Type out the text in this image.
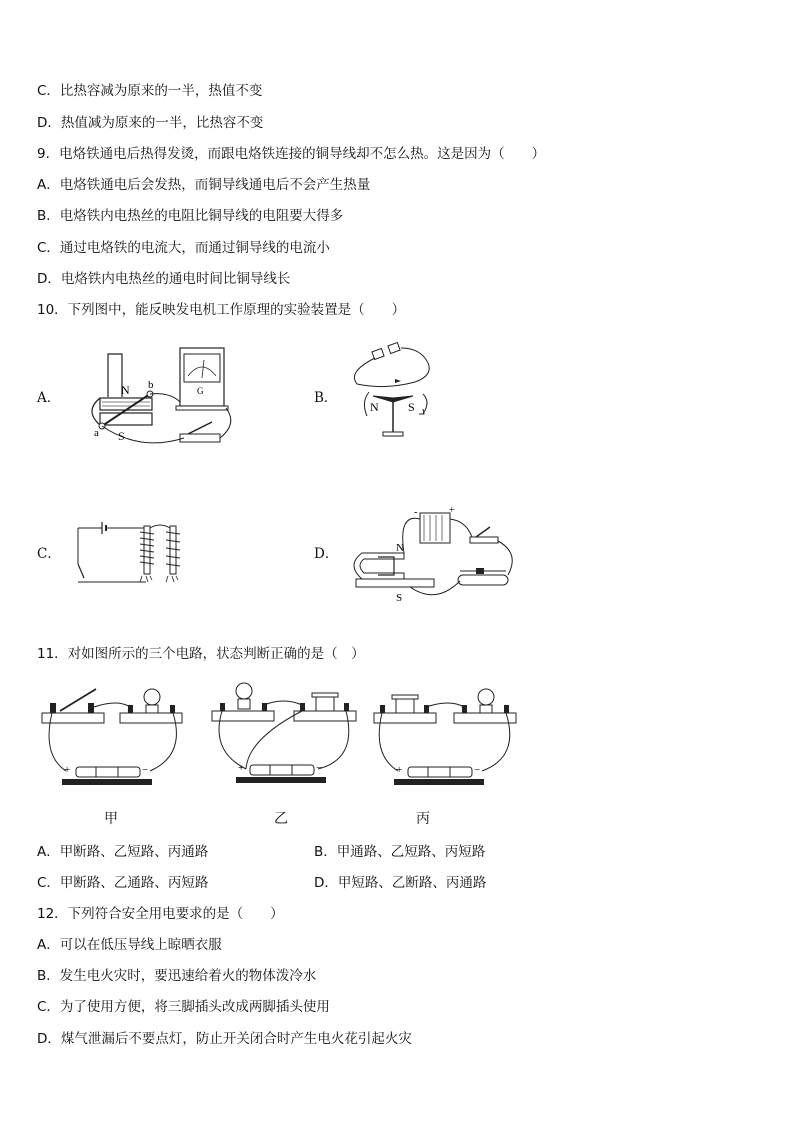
C．比热容减为原来的一半，热值不变
D．热值减为原来的一半，比热容不变
9．电烙铁通电后热得发烫，而跟电烙铁连接的铜导线却不怎么热。这是因为（　　）
A．电烙铁通电后会发热，而铜导线通电后不会产生热量
B．电烙铁内电热丝的电阻比铜导线的电阻要大得多
C．通过电烙铁的电流大，而通过铜导线的电流小
D．电烙铁内电热丝的通电时间比铜导线长
10．下列图中，能反映发电机工作原理的实验装置是（　　）
A．	B．
C．	D．
N
S
b
a
G
N S
-	+
N
S
11．对如图所示的三个电路，状态判断正确的是（　）
+	−	+	−	+	−
甲	乙	丙
A．甲断路、乙短路、丙通路	B．甲通路、乙短路、丙短路
C．甲断路、乙通路、丙短路	D．甲短路、乙断路、丙通路
12．下列符合安全用电要求的是（　　）
A．可以在低压导线上晾晒衣服
B．发生电火灾时，要迅速给着火的物体泼冷水
C．为了使用方便，将三脚插头改成两脚插头使用
D．煤气泄漏后不要点灯，防止开关闭合时产生电火花引起火灾
